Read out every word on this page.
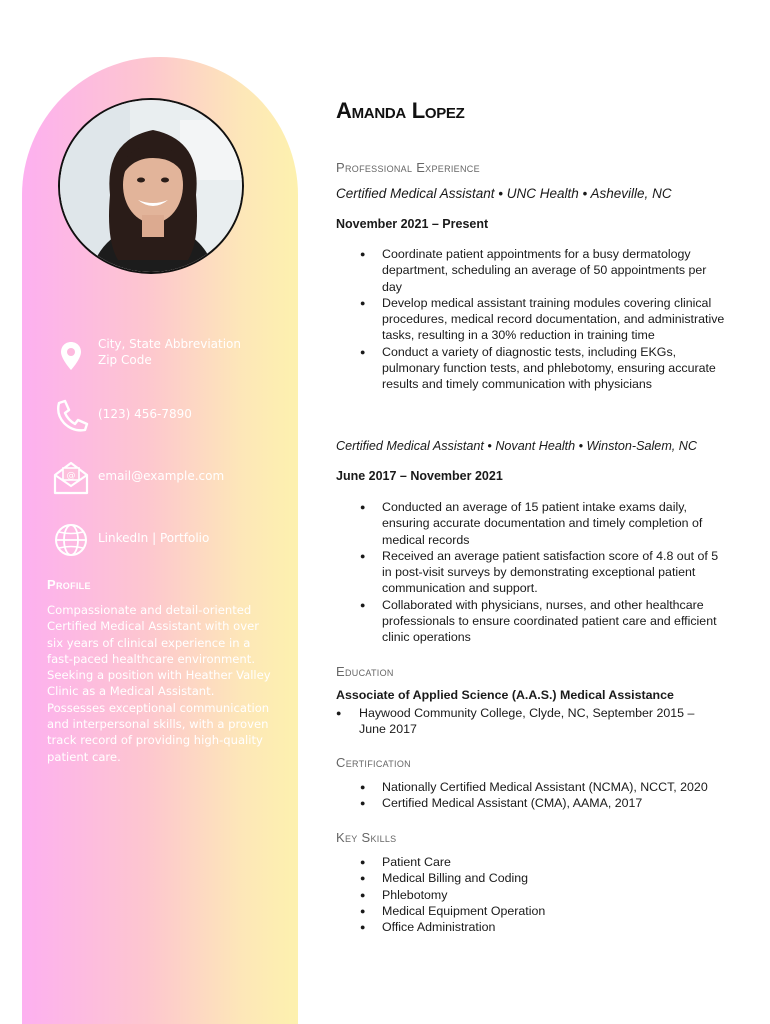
City, State Abbreviation
Zip Code
(123) 456-7890
@ email@example.com
LinkedIn | Portfolio
Profile
Compassionate and detail-oriented Certified Medical Assistant with over six years of clinical experience in a fast-paced healthcare environment. Seeking a position with Heather Valley Clinic as a Medical Assistant. Possesses exceptional communication and interpersonal skills, with a proven track record of providing high-quality patient care.
Amanda Lopez
Professional Experience
Certified Medical Assistant • UNC Health • Asheville, NC
November 2021 – Present
● Coordinate patient appointments for a busy dermatology department, scheduling an average of 50 appointments per day
● Develop medical assistant training modules covering clinical procedures, medical record documentation, and administrative tasks, resulting in a 30% reduction in training time
● Conduct a variety of diagnostic tests, including EKGs, pulmonary function tests, and phlebotomy, ensuring accurate results and timely communication with physicians
Certified Medical Assistant • Novant Health • Winston-Salem, NC
June 2017 – November 2021
● Conducted an average of 15 patient intake exams daily, ensuring accurate documentation and timely completion of medical records
● Received an average patient satisfaction score of 4.8 out of 5 in post-visit surveys by demonstrating exceptional patient communication and support.
● Collaborated with physicians, nurses, and other healthcare professionals to ensure coordinated patient care and efficient clinic operations
Education
Associate of Applied Science (A.A.S.) Medical Assistance
● Haywood Community College, Clyde, NC, September 2015 – June 2017
Certification
● Nationally Certified Medical Assistant (NCMA), NCCT, 2020
● Certified Medical Assistant (CMA), AAMA, 2017
Key Skills
● Patient Care
● Medical Billing and Coding
● Phlebotomy
● Medical Equipment Operation
● Office Administration
